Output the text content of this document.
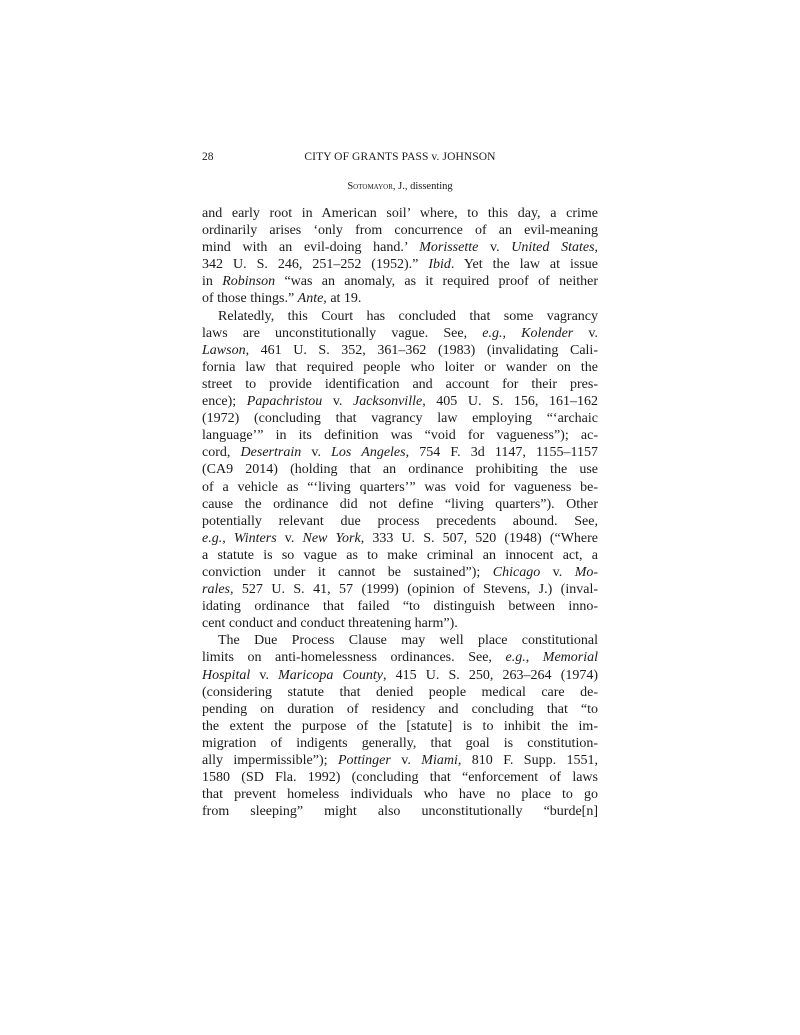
28	CITY OF GRANTS PASS v. JOHNSON
Sotomayor, J., dissenting
and early root in American soil’ where, to this day, a crime
ordinarily arises ‘only from concurrence of an evil-meaning
mind with an evil-doing hand.’ Morissette v. United States,
342 U. S. 246, 251–252 (1952).” Ibid. Yet the law at issue
in Robinson “was an anomaly, as it required proof of neither
of those things.” Ante, at 19.
Relatedly, this Court has concluded that some vagrancy
laws are unconstitutionally vague. See, e.g., Kolender v.
Lawson, 461 U. S. 352, 361–362 (1983) (invalidating Cali-
fornia law that required people who loiter or wander on the
street to provide identification and account for their pres-
ence); Papachristou v. Jacksonville, 405 U. S. 156, 161–162
(1972) (concluding that vagrancy law employing “‘archaic
language’” in its definition was “void for vagueness”); ac-
cord, Desertrain v. Los Angeles, 754 F. 3d 1147, 1155–1157
(CA9 2014) (holding that an ordinance prohibiting the use
of a vehicle as “‘living quarters’” was void for vagueness be-
cause the ordinance did not define “living quarters”). Other
potentially relevant due process precedents abound. See,
e.g., Winters v. New York, 333 U. S. 507, 520 (1948) (“Where
a statute is so vague as to make criminal an innocent act, a
conviction under it cannot be sustained”); Chicago v. Mo-
rales, 527 U. S. 41, 57 (1999) (opinion of Stevens, J.) (inval-
idating ordinance that failed “to distinguish between inno-
cent conduct and conduct threatening harm”).
The Due Process Clause may well place constitutional
limits on anti-homelessness ordinances. See, e.g., Memorial
Hospital v. Maricopa County, 415 U. S. 250, 263–264 (1974)
(considering statute that denied people medical care de-
pending on duration of residency and concluding that “to
the extent the purpose of the [statute] is to inhibit the im-
migration of indigents generally, that goal is constitution-
ally impermissible”); Pottinger v. Miami, 810 F. Supp. 1551,
1580 (SD Fla. 1992) (concluding that “enforcement of laws
that prevent homeless individuals who have no place to go
from sleeping” might also unconstitutionally “burde[n]
